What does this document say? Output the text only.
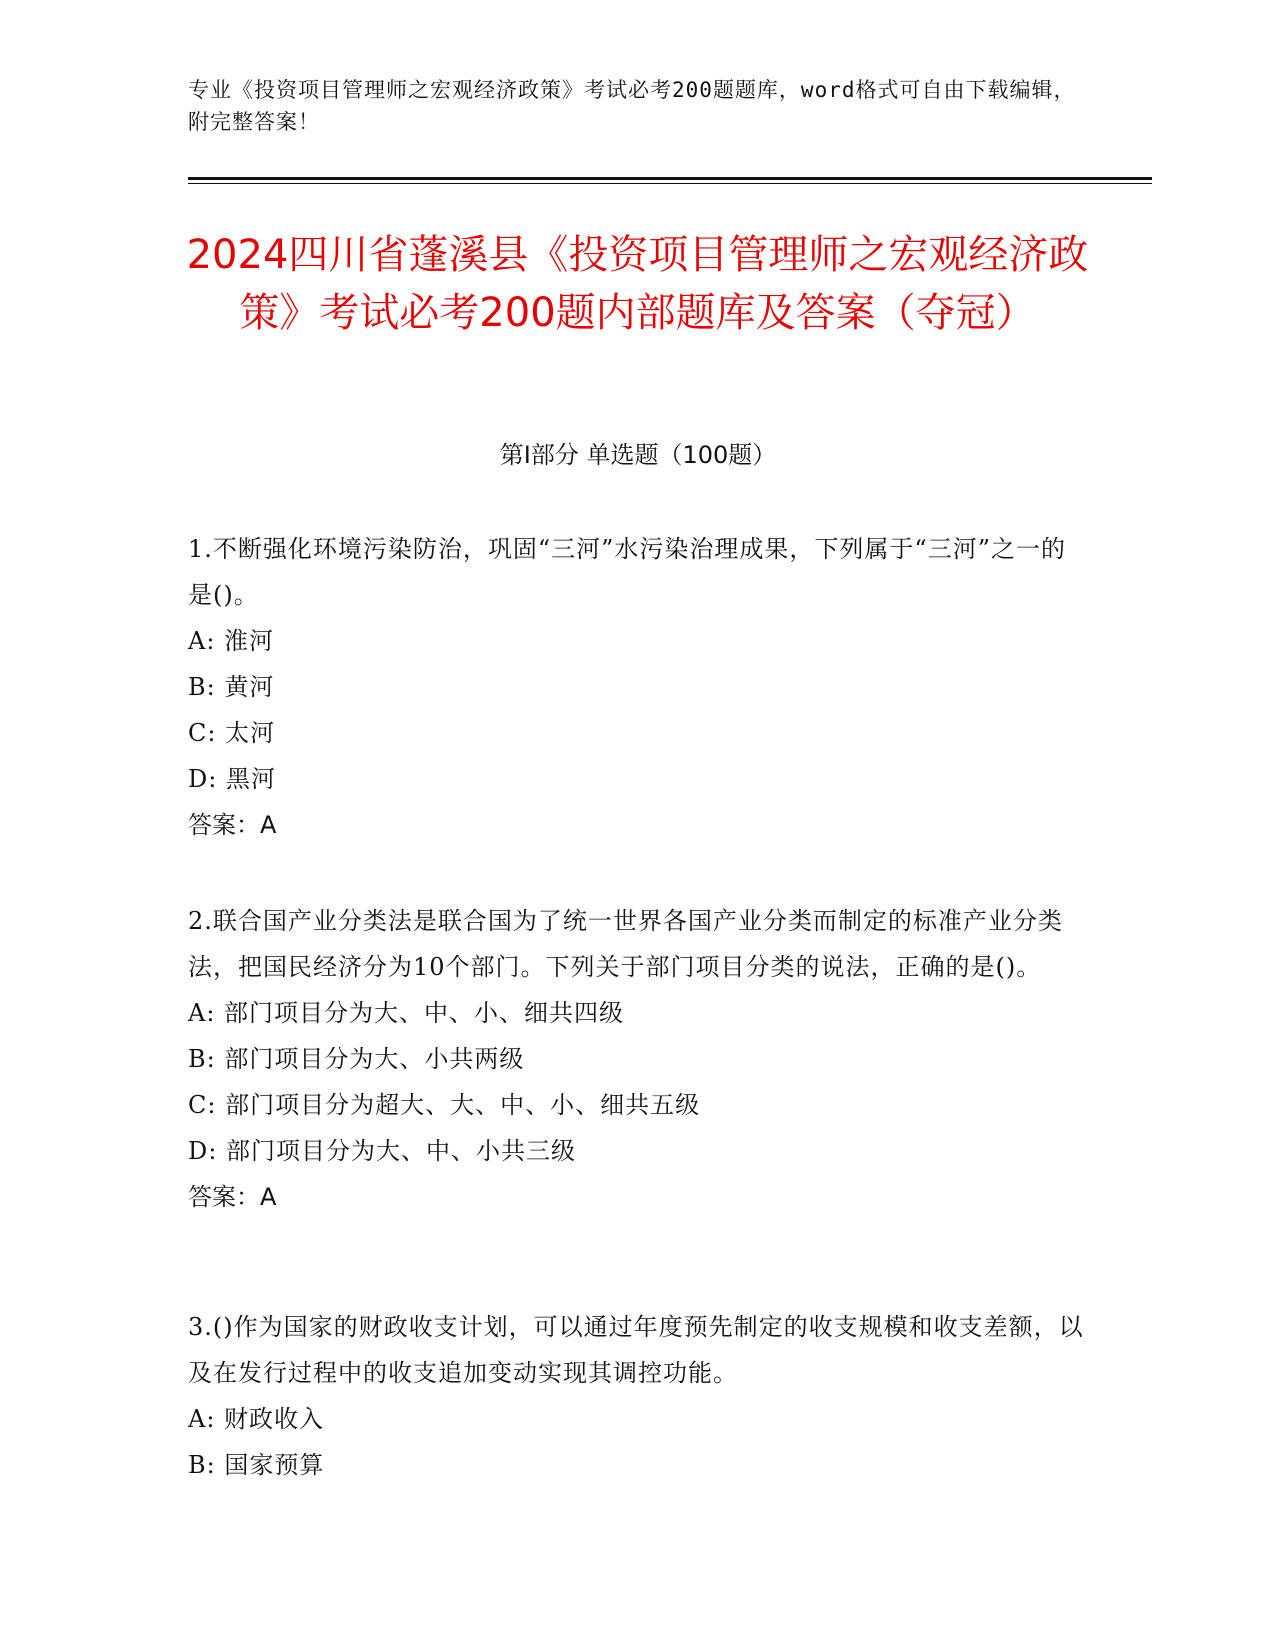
专业《投资项目管理师之宏观经济政策》考试必考200题题库，word格式可自由下载编辑，附完整答案！
2024四川省蓬溪县《投资项目管理师之宏观经济政策》考试必考200题内部题库及答案（夺冠）
第I部分 单选题（100题）
1.不断强化环境污染防治，巩固“三河”水污染治理成果，下列属于“三河”之一的是()。
A: 淮河
B: 黄河
C: 太河
D: 黑河
答案：A
2.联合国产业分类法是联合国为了统一世界各国产业分类而制定的标准产业分类法，把国民经济分为10个部门。下列关于部门项目分类的说法，正确的是()。
A: 部门项目分为大、中、小、细共四级
B: 部门项目分为大、小共两级
C: 部门项目分为超大、大、中、小、细共五级
D: 部门项目分为大、中、小共三级
答案：A
3.()作为国家的财政收支计划，可以通过年度预先制定的收支规模和收支差额，以及在发行过程中的收支追加变动实现其调控功能。
A: 财政收入
B: 国家预算
